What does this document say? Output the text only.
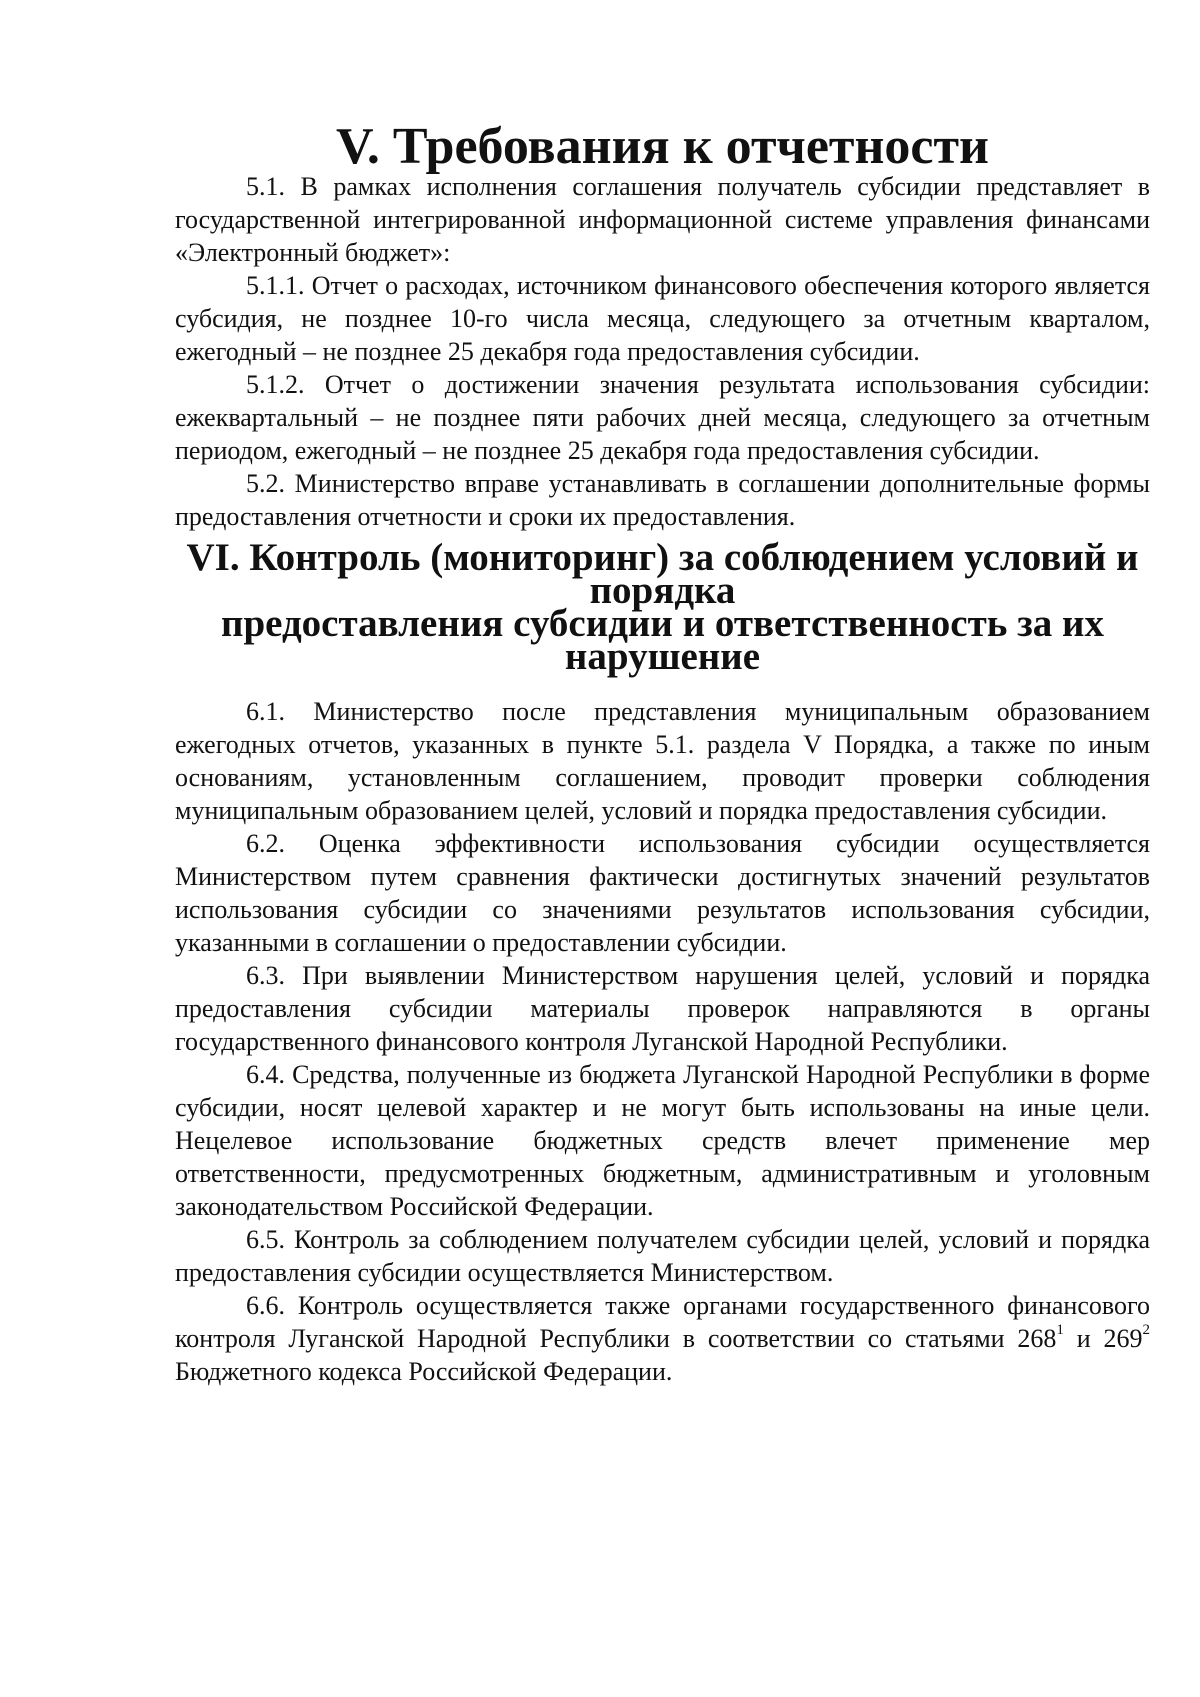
V. Требования к отчетности

5.1. В рамках исполнения соглашения получатель субсидии представляет в государственной интегрированной информационной системе управления финансами «Электронный бюджет»:

5.1.1. Отчет о расходах, источником финансового обеспечения которого является субсидия, не позднее 10-го числа месяца, следующего за отчетным кварталом, ежегодный – не позднее 25 декабря года предоставления субсидии.

5.1.2. Отчет о достижении значения результата использования субсидии: ежеквартальный – не позднее пяти рабочих дней месяца, следующего за отчетным периодом, ежегодный – не позднее 25 декабря года предоставления субсидии.

5.2. Министерство вправе устанавливать в соглашении дополнительные формы предоставления отчетности и сроки их предоставления.

VI. Контроль (мониторинг) за соблюдением условий и порядка
предоставления субсидии и ответственность за их нарушение

6.1. Министерство после представления муниципальным образованием ежегодных отчетов, указанных в пункте 5.1. раздела V Порядка, а также по иным основаниям, установленным соглашением, проводит проверки соблюдения муниципальным образованием целей, условий и порядка предоставления субсидии.

6.2. Оценка эффективности использования субсидии осуществляется Министерством путем сравнения фактически достигнутых значений результатов использования субсидии со значениями результатов использования субсидии, указанными в соглашении о предоставлении субсидии.

6.3. При выявлении Министерством нарушения целей, условий и порядка предоставления субсидии материалы проверок направляются в органы государственного финансового контроля Луганской Народной Республики.

6.4. Средства, полученные из бюджета Луганской Народной Республики в форме субсидии, носят целевой характер и не могут быть использованы на иные цели. Нецелевое использование бюджетных средств влечет применение мер ответственности, предусмотренных бюджетным, административным и уголовным законодательством Российской Федерации.

6.5. Контроль за соблюдением получателем субсидии целей, условий и порядка предоставления субсидии осуществляется Министерством.

6.6. Контроль осуществляется также органами государственного финансового контроля Луганской Народной Республики в соответствии со статьями $268^1$ и $269^2$ Бюджетного кодекса Российской Федерации.
